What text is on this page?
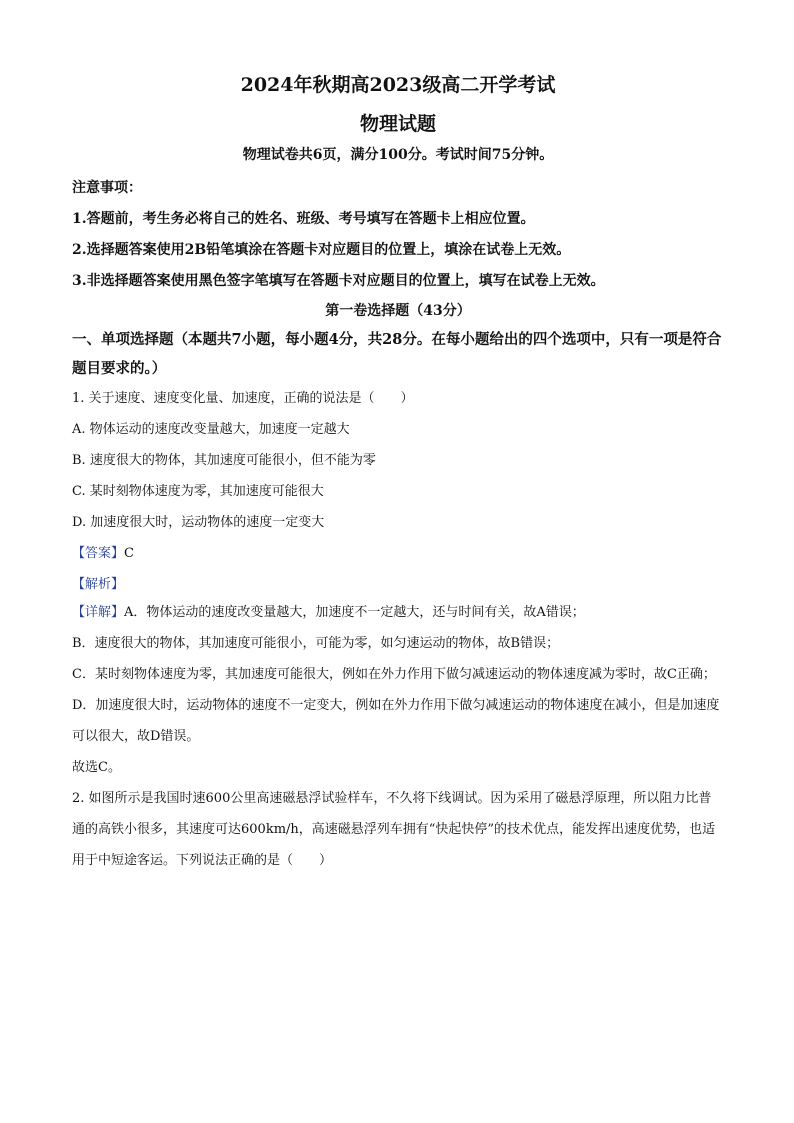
2024年秋期高2023级高二开学考试
物理试题
物理试卷共6页，满分100分。考试时间75分钟。
注意事项：
1.答题前，考生务必将自己的姓名、班级、考号填写在答题卡上相应位置。
2.选择题答案使用2B铅笔填涂在答题卡对应题目的位置上，填涂在试卷上无效。
3.非选择题答案使用黑色签字笔填写在答题卡对应题目的位置上，填写在试卷上无效。
第一卷选择题（43分）
一、单项选择题（本题共7小题，每小题4分，共28分。在每小题给出的四个选项中，只有一项是符合题目要求的。）
1. 关于速度、速度变化量、加速度，正确的说法是（　　）
A. 物体运动的速度改变量越大，加速度一定越大
B. 速度很大的物体，其加速度可能很小，但不能为零
C. 某时刻物体速度为零，其加速度可能很大
D. 加速度很大时，运动物体的速度一定变大
【答案】C
【解析】

【详解】A．物体运动的速度改变量越大，加速度不一定越大，还与时间有关，故A错误；

B．速度很大的物体，其加速度可能很小，可能为零，如匀速运动的物体，故B错误；

C．某时刻物体速度为零，其加速度可能很大，例如在外力作用下做匀减速运动的物体速度减为零时，故C正确；

D．加速度很大时，运动物体的速度不一定变大，例如在外力作用下做匀减速运动的物体速度在减小，但是加速度可以很大，故D错误。

故选C。

2. 如图所示是我国时速600公里高速磁悬浮试验样车，不久将下线调试。因为采用了磁悬浮原理，所以阻力比普通的高铁小很多，其速度可达600km/h，高速磁悬浮列车拥有“快起快停”的技术优点，能发挥出速度优势，也适用于中短途客运。下列说法正确的是（　　）
